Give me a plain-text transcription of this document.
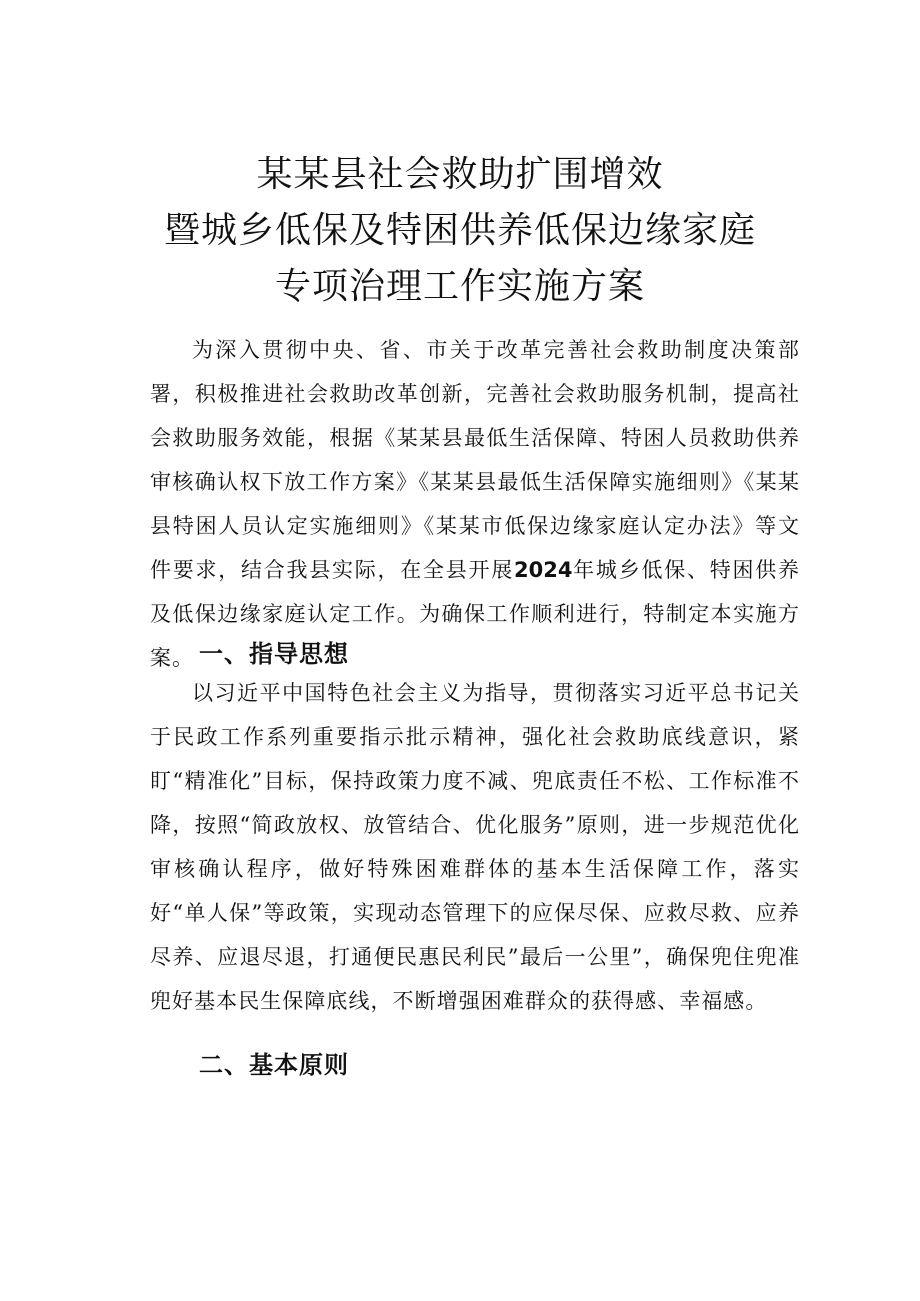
某某县社会救助扩围增效
暨城乡低保及特困供养低保边缘家庭
专项治理工作实施方案

为深入贯彻中央、省、市关于改革完善社会救助制度决策部署，积极推进社会救助改革创新，完善社会救助服务机制，提高社会救助服务效能，根据《某某县最低生活保障、特困人员救助供养审核确认权下放工作方案》《某某县最低生活保障实施细则》《某某县特困人员认定实施细则》《某某市低保边缘家庭认定办法》等文件要求，结合我县实际，在全县开展2024年城乡低保、特困供养及低保边缘家庭认定工作。为确保工作顺利进行，特制定本实施方案。 一、指导思想

以习近平中国特色社会主义为指导，贯彻落实习近平总书记关于民政工作系列重要指示批示精神，强化社会救助底线意识，紧盯“精准化”目标，保持政策力度不减、兜底责任不松、工作标准不降，按照“简政放权、放管结合、优化服务”原则，进一步规范优化审核确认程序，做好特殊困难群体的基本生活保障工作，落实好“单人保”等政策，实现动态管理下的应保尽保、应救尽救、应养尽养、应退尽退，打通便民惠民利民”最后一公里”，确保兜住兜准兜好基本民生保障底线，不断增强困难群众的获得感、幸福感。

二、基本原则
